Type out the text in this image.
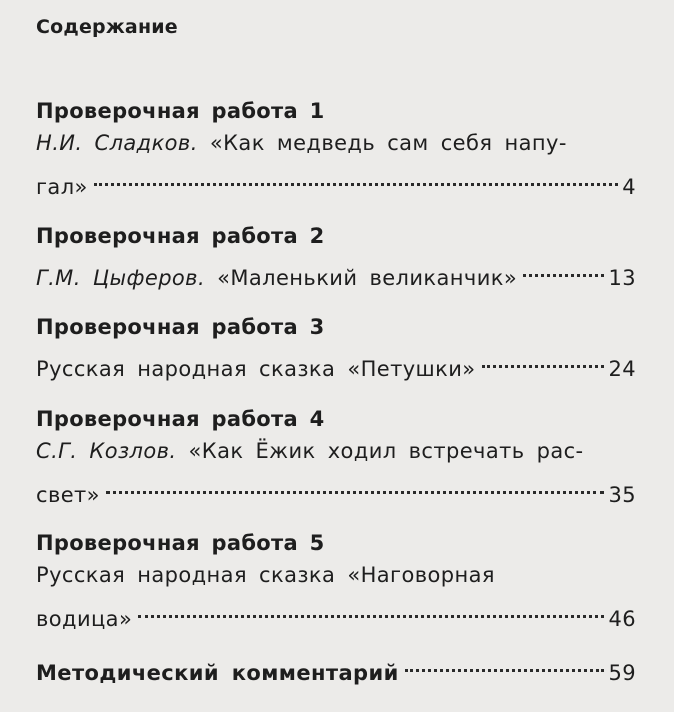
Содержание
Проверочная работа 1
Н.И. Сладков. «Как медведь сам себя напу-
гал»	4
Проверочная работа 2
Г.М. Цыферов. «Маленький великанчик»	13
Проверочная работа 3
Русская народная сказка «Петушки»	24
Проверочная работа 4
С.Г. Козлов. «Как Ёжик ходил встречать рас-
свет»	35
Проверочная работа 5
Русская народная сказка «Наговорная
водица»	46
Методический комментарий	59
